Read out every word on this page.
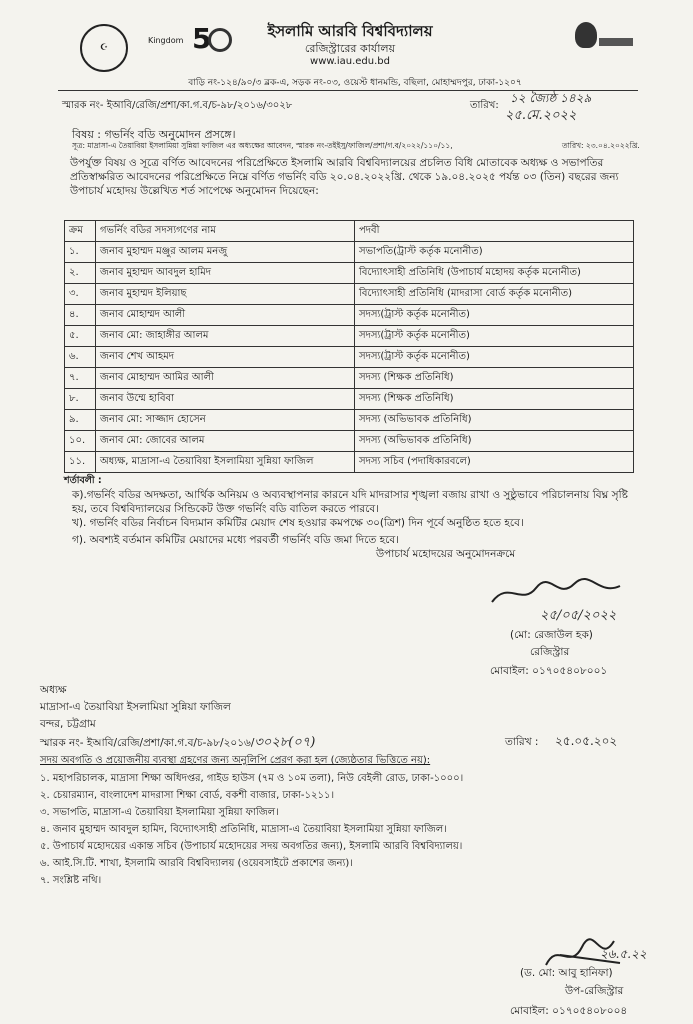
☪
Kingdom 5	ইসলামি আরবি বিশ্ববিদ্যালয়
রেজিস্ট্রারের কার্যালয়
www.iau.edu.bd
বাড়ি নং-১২৪/৯০/৩ ব্লক-এ, সড়ক নং-০৩, ওয়েস্ট ধানমন্ডি, বছিলা, মোহাম্মদপুর, ঢাকা-১২০৭
স্মারক নং- ইআবি/রেজি/প্রশা/কা.গ.ব/চ-৯৮/২০১৬/৩০২৮	তারিখ:
১২ জ্যৈষ্ঠ ১৪২৯
২৫.মে.২০২২
বিষয় : গভর্নিং বডি অনুমোদন প্রসঙ্গে।
সূত্র: মাদ্রাসা-এ তৈয়াবিয়া ইসলামিয়া সুন্নিয়া ফাজিল এর অধ্যক্ষের আবেদন, স্মারক নং-তইইসু/ফাজিল/প্রশা/গ.ব/২০২২/১১০/১১,	তারিখ: ২৩.০৪.২০২২খ্রি.
উপর্যুক্ত বিষয় ও সূত্রে বর্ণিত আবেদনের পরিপ্রেক্ষিতে ইসলামি আরবি বিশ্ববিদ্যালয়ের প্রচলিত বিধি মোতাবেক অধ্যক্ষ ও সভাপতির প্রতিস্বাক্ষরিত আবেদনের পরিপ্রেক্ষিতে নিম্নে বর্ণিত গভর্নিং বডি ২০.০৪.২০২২খ্রি. থেকে ১৯.০৪.২০২৫ পর্যন্ত ০৩ (তিন) বছরের জন্য উপাচার্য মহোদয় উল্লেখিত শর্ত সাপেক্ষে অনুমোদন দিয়েছেন:
ক্রম	গভর্নিং বডির সদস্যগণের নাম	পদবী
১.	জনাব মুহাম্মদ মঞ্জুর আলম মনজু	সভাপতি(ট্রাস্ট কর্তৃক মনোনীত)
২.	জনাব মুহাম্মদ আবদুল হামিদ	বিদ্যোৎসাহী প্রতিনিধি (উপাচার্য মহোদয় কর্তৃক মনোনীত)
৩.	জনাব মুহাম্মদ ইলিয়াছ	বিদ্যোৎসাহী প্রতিনিধি (মাদরাসা বোর্ড কর্তৃক মনোনীত)
৪.	জনাব মোহাম্মদ আলী	সদস্য(ট্রাস্ট কর্তৃক মনোনীত)
৫.	জনাব মো: জাহাঙ্গীর আলম	সদস্য(ট্রাস্ট কর্তৃক মনোনীত)
৬.	জনাব শেখ আহমদ	সদস্য(ট্রাস্ট কর্তৃক মনোনীত)
৭.	জনাব মোহাম্মদ আমির আলী	সদস্য (শিক্ষক প্রতিনিধি)
৮.	জনাব উম্মে হাবিবা	সদস্য (শিক্ষক প্রতিনিধি)
৯.	জনাব মো: সাজ্জাদ হোসেন	সদস্য (অভিভাবক প্রতিনিধি)
১০.	জনাব মো: জোবের আলম	সদস্য (অভিভাবক প্রতিনিধি)
১১.	অধ্যক্ষ, মাদ্রাসা-এ তৈয়াবিয়া ইসলামিয়া সুন্নিয়া ফাজিল	সদস্য সচিব (পদাধিকারবলে)
শর্তাবলী :
ক).গভর্নিং বডির অদক্ষতা, আর্থিক অনিয়ম ও অব্যবস্থাপনার কারনে যদি মাদরাসার শৃঙ্খলা বজায় রাখা ও সুষ্ঠুভাবে পরিচালনায় বিঘ্ন সৃষ্টি হয়, তবে বিশ্ববিদ্যালয়ের সিন্ডিকেট উক্ত গভর্নিং বডি বাতিল করতে পারবে।
খ). গভর্নিং বডির নির্বাচন বিদ্যমান কমিটির মেয়াদ শেষ হওয়ার কমপক্ষে ৩০(ত্রিশ) দিন পূর্বে অনুষ্ঠিত হতে হবে।
গ). অবশ্যই বর্তমান কমিটির মেয়াদের মধ্যে পরবর্তী গভর্নিং বডি জমা দিতে হবে।
উপাচার্য মহোদয়ের অনুমোদনক্রমে
২৫/০৫/২০২২
(মো: রেজাউল হক)
রেজিস্ট্রার
মোবাইল: ০১৭০৫৪০৮০০১
অধ্যক্ষ
মাদ্রাসা-এ তৈয়াবিয়া ইসলামিয়া সুন্নিয়া ফাজিল
বন্দর, চট্টগ্রাম
স্মারক নং- ইআবি/রেজি/প্রশা/কা.গ.ব/চ-৯৮/২০১৬/৩০২৮(০৭)	তারিখ : ২৫.০৫.২০২
সদয় অবগতি ও প্রয়োজনীয় ব্যবস্থা গ্রহণের জন্য অনুলিপি প্রেরণ করা হল (জ্যেষ্ঠতার ভিত্তিতে নয়):
১. মহাপরিচালক, মাদ্রাসা শিক্ষা অধিদপ্তর, গাইড হাউস (৭ম ও ১০ম তলা), নিউ বেইলী রোড, ঢাকা-১০০০।
২. চেয়ারম্যান, বাংলাদেশ মাদরাসা শিক্ষা বোর্ড, বকশী বাজার, ঢাকা-১২১১।
৩. সভাপতি, মাদ্রাসা-এ তৈয়াবিয়া ইসলামিয়া সুন্নিয়া ফাজিল।
৪. জনাব মুহাম্মদ আবদুল হামিদ, বিদ্যোৎসাহী প্রতিনিধি, মাদ্রাসা-এ তৈয়াবিয়া ইসলামিয়া সুন্নিয়া ফাজিল।
৫. উপাচার্য মহোদয়ের একান্ত সচিব (উপাচার্য মহোদয়ের সদয় অবগতির জন্য), ইসলামি আরবি বিশ্ববিদ্যালয়।
৬. আই.সি.টি. শাখা, ইসলামি আরবি বিশ্ববিদ্যালয় (ওয়েবসাইটে প্রকাশের জন্য)।
৭. সংশ্লিষ্ট নথি।
২৬.৫.২২
(ড. মো: আবু হানিফা)
উপ-রেজিস্ট্রার
মোবাইল: ০১৭০৫৪০৮০০৪
